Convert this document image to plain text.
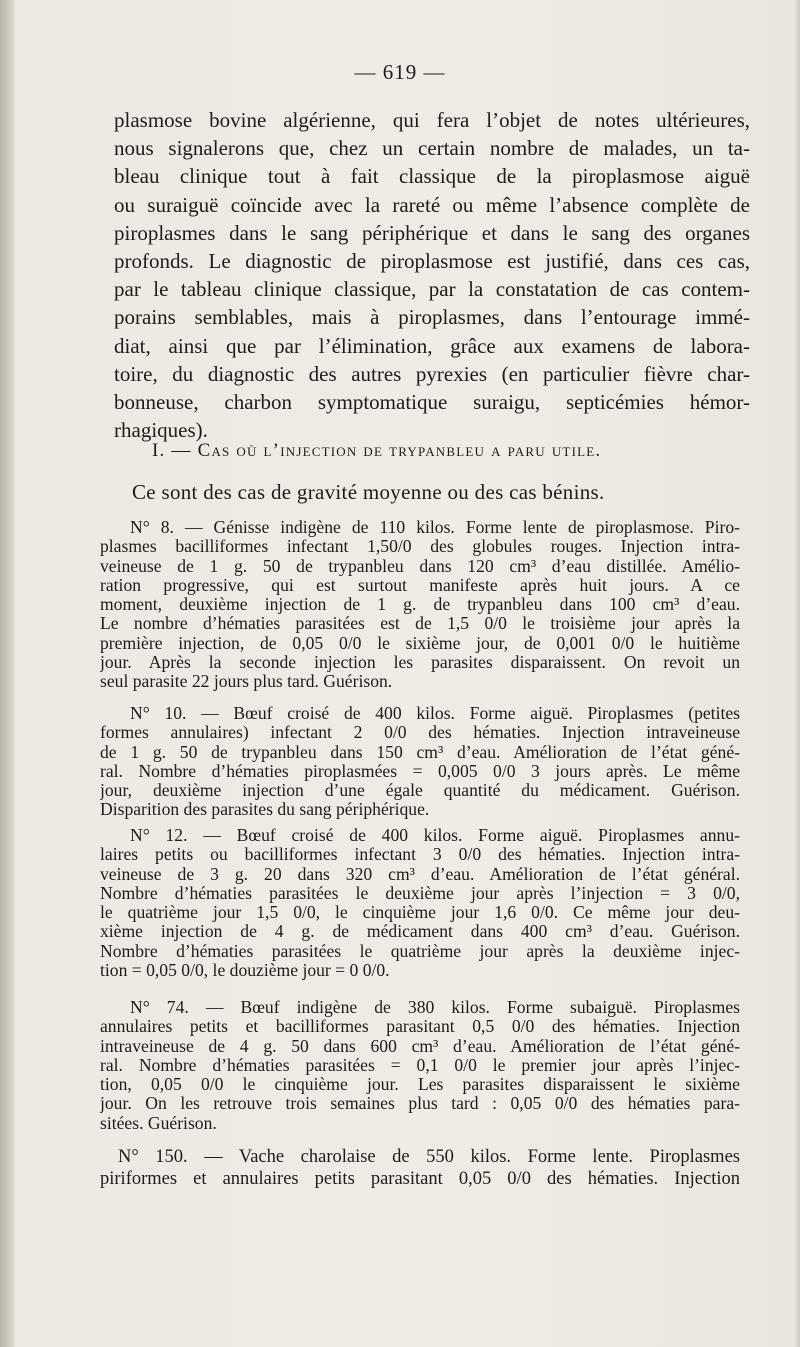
— 619 —
plasmose bovine algérienne, qui fera l’objet de notes ultérieures,
nous signalerons que, chez un certain nombre de malades, un ta-
bleau clinique tout à fait classique de la piroplasmose aiguë
ou suraiguë coïncide avec la rareté ou même l’absence complète de
piroplasmes dans le sang périphérique et dans le sang des organes
profonds. Le diagnostic de piroplasmose est justifié, dans ces cas,
par le tableau clinique classique, par la constatation de cas contem-
porains semblables, mais à piroplasmes, dans l’entourage immé-
diat, ainsi que par l’élimination, grâce aux examens de labora-
toire, du diagnostic des autres pyrexies (en particulier fièvre char-
bonneuse, charbon symptomatique suraigu, septicémies hémor-
rhagiques).
I. — Cas où l’injection de trypanbleu a paru utile.
Ce sont des cas de gravité moyenne ou des cas bénins.
N° 8. — Génisse indigène de 110 kilos. Forme lente de piroplasmose. Piro-
plasmes bacilliformes infectant 1,50/0 des globules rouges. Injection intra-
veineuse de 1 g. 50 de trypanbleu dans 120 cm³ d’eau distillée. Amélio-
ration progressive, qui est surtout manifeste après huit jours. A ce
moment, deuxième injection de 1 g. de trypanbleu dans 100 cm³ d’eau.
Le nombre d’hématies parasitées est de 1,5 0/0 le troisième jour après la
première injection, de 0,05 0/0 le sixième jour, de 0,001 0/0 le huitième
jour. Après la seconde injection les parasites disparaissent. On revoit un
seul parasite 22 jours plus tard. Guérison.
N° 10. — Bœuf croisé de 400 kilos. Forme aiguë. Piroplasmes (petites
formes annulaires) infectant 2 0/0 des hématies. Injection intraveineuse
de 1 g. 50 de trypanbleu dans 150 cm³ d’eau. Amélioration de l’état géné-
ral. Nombre d’hématies piroplasmées = 0,005 0/0 3 jours après. Le même
jour, deuxième injection d’une égale quantité du médicament. Guérison.
Disparition des parasites du sang périphérique.
N° 12. — Bœuf croisé de 400 kilos. Forme aiguë. Piroplasmes annu-
laires petits ou bacilliformes infectant 3 0/0 des hématies. Injection intra-
veineuse de 3 g. 20 dans 320 cm³ d’eau. Amélioration de l’état général.
Nombre d’hématies parasitées le deuxième jour après l’injection = 3 0/0,
le quatrième jour 1,5 0/0, le cinquième jour 1,6 0/0. Ce même jour deu-
xième injection de 4 g. de médicament dans 400 cm³ d’eau. Guérison.
Nombre d’hématies parasitées le quatrième jour après la deuxième injec-
tion = 0,05 0/0, le douzième jour = 0 0/0.
N° 74. — Bœuf indigène de 380 kilos. Forme subaiguë. Piroplasmes
annulaires petits et bacilliformes parasitant 0,5 0/0 des hématies. Injection
intraveineuse de 4 g. 50 dans 600 cm³ d’eau. Amélioration de l’état géné-
ral. Nombre d’hématies parasitées = 0,1 0/0 le premier jour après l’injec-
tion, 0,05 0/0 le cinquième jour. Les parasites disparaissent le sixième
jour. On les retrouve trois semaines plus tard : 0,05 0/0 des hématies para-
sitées. Guérison.
N° 150. — Vache charolaise de 550 kilos. Forme lente. Piroplasmes
piriformes et annulaires petits parasitant 0,05 0/0 des hématies. Injection
